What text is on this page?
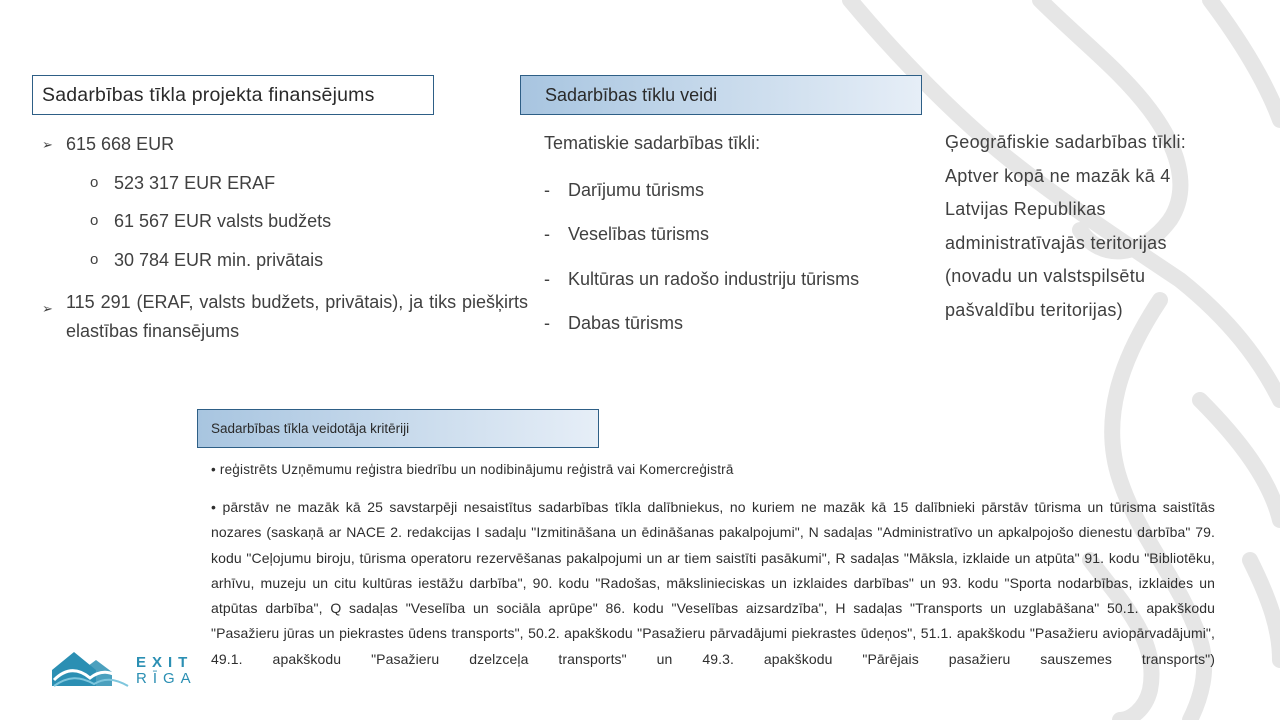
Sadarbības tīkla projekta finansējums	Sadarbības tīklu veidi
Sadarbības tīkla veidotāja kritēriji
➢ 615 668 EUR
o 523 317 EUR ERAF
o 61 567 EUR valsts budžets
o 30 784 EUR min. privātais
➢ 115 291 (ERAF, valsts budžets, privātais), ja tiks piešķirts elastības finansējums
Tematiskie sadarbības tīkli:
- Darījumu tūrisms
- Veselības tūrisms
- Kultūras un radošo industriju tūrisms
- Dabas tūrisms
Ģeogrāfiskie sadarbības tīkli:
Aptver kopā ne mazāk kā 4 Latvijas Republikas administratīvajās teritorijas (novadu un valstspilsētu pašvaldību teritorijas)

• reģistrēts Uzņēmumu reģistra biedrību un nodibinājumu reģistrā vai Komercreģistrā

• pārstāv ne mazāk kā 25 savstarpēji nesaistītus sadarbības tīkla dalībniekus, no kuriem ne mazāk kā 15 dalībnieki pārstāv tūrisma un tūrisma saistītās nozares (saskaņā ar NACE 2. redakcijas I sadaļu "Izmitināšana un ēdināšanas pakalpojumi", N sadaļas "Administratīvo un apkalpojošo dienestu darbība" 79. kodu "Ceļojumu biroju, tūrisma operatoru rezervēšanas pakalpojumi un ar tiem saistīti pasākumi", R sadaļas "Māksla, izklaide un atpūta" 91. kodu "Bibliotēku, arhīvu, muzeju un citu kultūras iestāžu darbība", 90. kodu "Radošas, mākslinieciskas un izklaides darbības" un 93. kodu "Sporta nodarbības, izklaides un atpūtas darbība", Q sadaļas "Veselība un sociāla aprūpe" 86. kodu "Veselības aizsardzība", H sadaļas "Transports un uzglabāšana" 50.1. apakškodu "Pasažieru jūras un piekrastes ūdens transports", 50.2. apakškodu "Pasažieru pārvadājumi piekrastes ūdeņos", 51.1. apakškodu "Pasažieru aviopārvadājumi", 49.1. apakškodu "Pasažieru dzelzceļa transports" un 49.3. apakškodu "Pārējais pasažieru sauszemes transports")

EXIT
RĪGA
